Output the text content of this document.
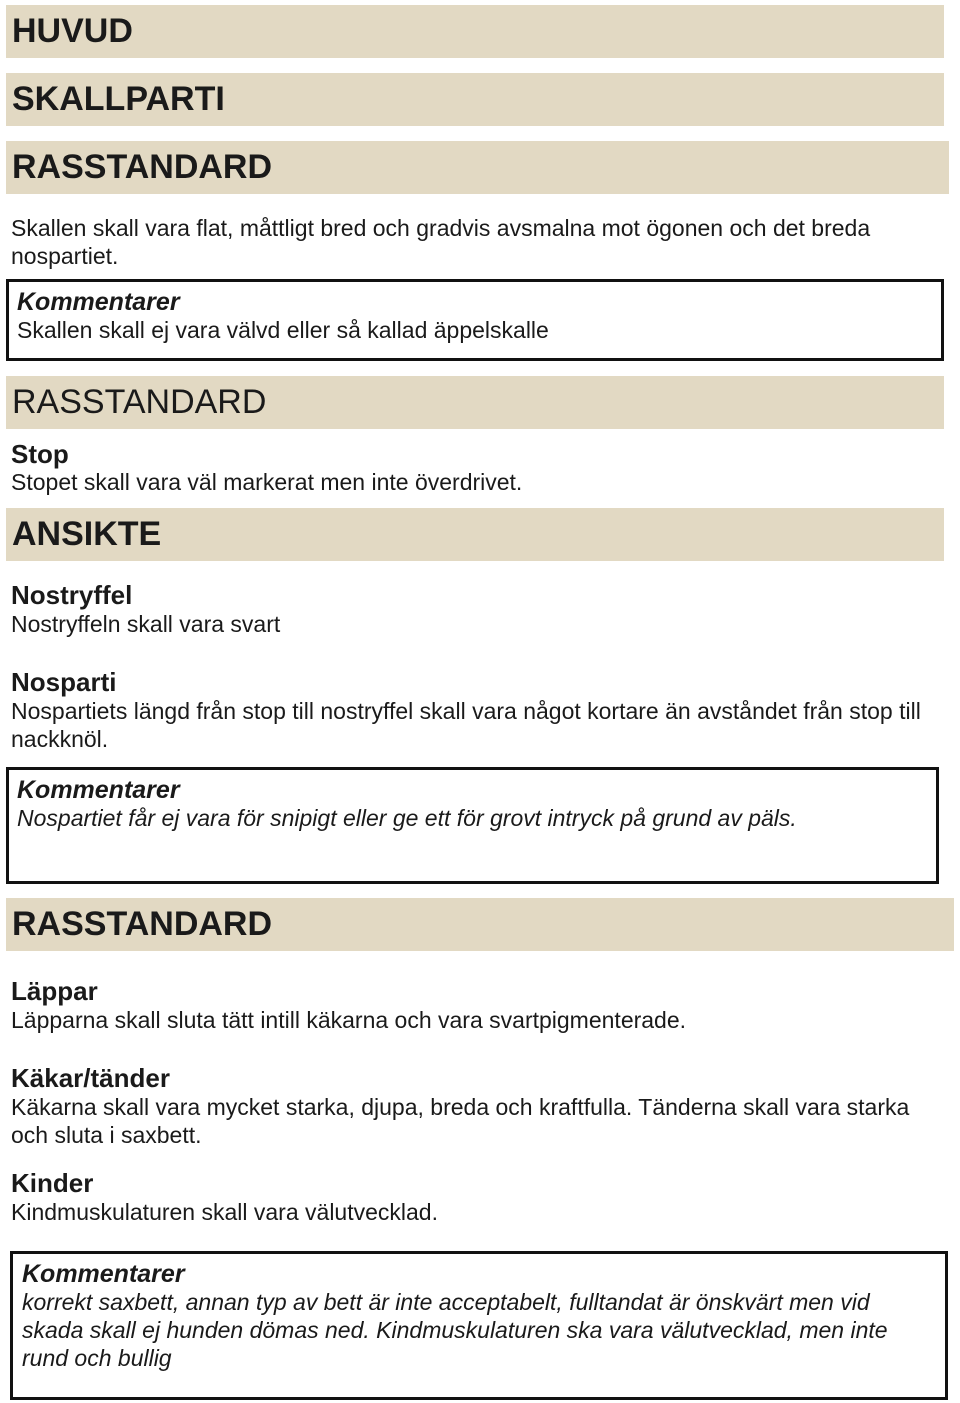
HUVUD
SKALLPARTI
RASSTANDARD

Skallen skall vara flat, måttligt bred och gradvis avsmalna mot ögonen och det breda nospartiet.

Kommentarer

Skallen skall ej vara välvd eller så kallad äppelskalle

RASSTANDARD
Stop

Stopet skall vara väl markerat men inte överdrivet.

ANSIKTE
Nostryffel

Nostryffeln skall vara svart

Nosparti

Nospartiets längd från stop till nostryffel skall vara något kortare än avståndet från stop till nackknöl.

Kommentarer

Nospartiet får ej vara för snipigt eller ge ett för grovt intryck på grund av päls.

RASSTANDARD
Läppar

Läpparna skall sluta tätt intill käkarna och vara svartpigmenterade.

Käkar/tänder

Käkarna skall vara mycket starka, djupa, breda och kraftfulla. Tänderna skall vara starka och sluta i saxbett.

Kinder

Kindmuskulaturen skall vara välutvecklad.

Kommentarer

korrekt saxbett, annan typ av bett är inte acceptabelt, fulltandat är önskvärt men vid skada skall ej hunden dömas ned. Kindmuskulaturen ska vara välutvecklad, men inte rund och bullig
